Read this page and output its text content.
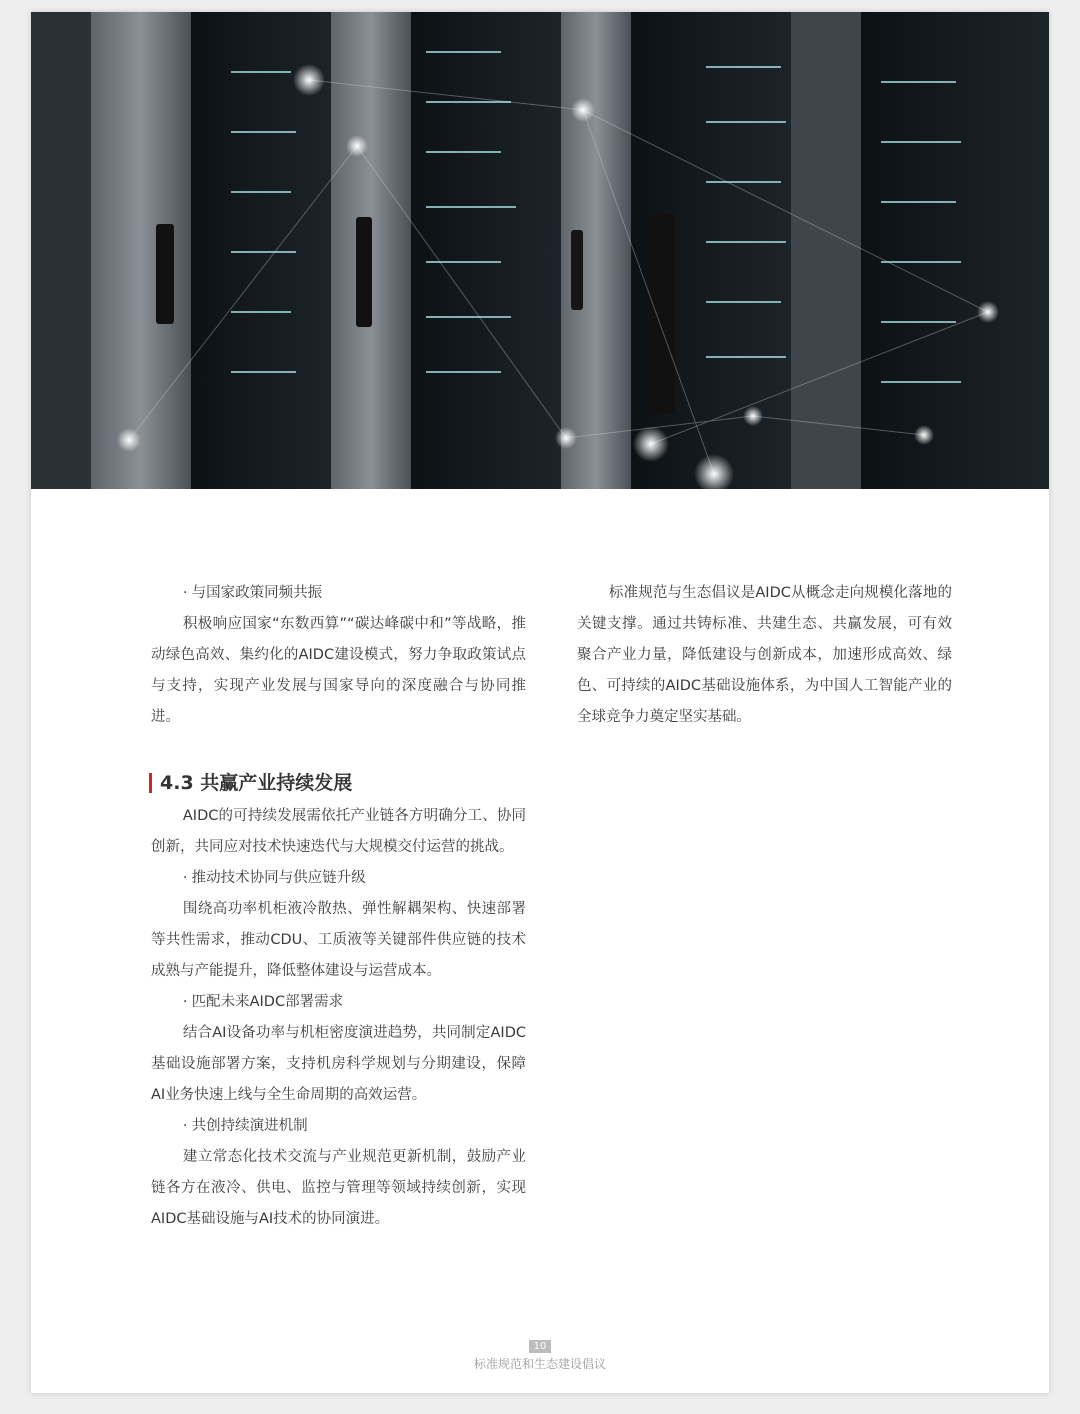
· 与国家政策同频共振

积极响应国家“东数西算”“碳达峰碳中和”等战略，推动绿色高效、集约化的AIDC建设模式，努力争取政策试点与支持，实现产业发展与国家导向的深度融合与协同推进。

4.3 共赢产业持续发展

AIDC的可持续发展需依托产业链各方明确分工、协同创新，共同应对技术快速迭代与大规模交付运营的挑战。

· 推动技术协同与供应链升级

围绕高功率机柜液冷散热、弹性解耦架构、快速部署等共性需求，推动CDU、工质液等关键部件供应链的技术成熟与产能提升，降低整体建设与运营成本。

· 匹配未来AIDC部署需求

结合AI设备功率与机柜密度演进趋势，共同制定AIDC基础设施部署方案，支持机房科学规划与分期建设，保障AI业务快速上线与全生命周期的高效运营。

· 共创持续演进机制

建立常态化技术交流与产业规范更新机制，鼓励产业链各方在液冷、供电、监控与管理等领域持续创新，实现AIDC基础设施与AI技术的协同演进。

标准规范与生态倡议是AIDC从概念走向规模化落地的关键支撑。通过共铸标准、共建生态、共赢发展，可有效聚合产业力量，降低建设与创新成本，加速形成高效、绿色、可持续的AIDC基础设施体系，为中国人工智能产业的全球竞争力奠定坚实基础。

10
标准规范和生态建设倡议
